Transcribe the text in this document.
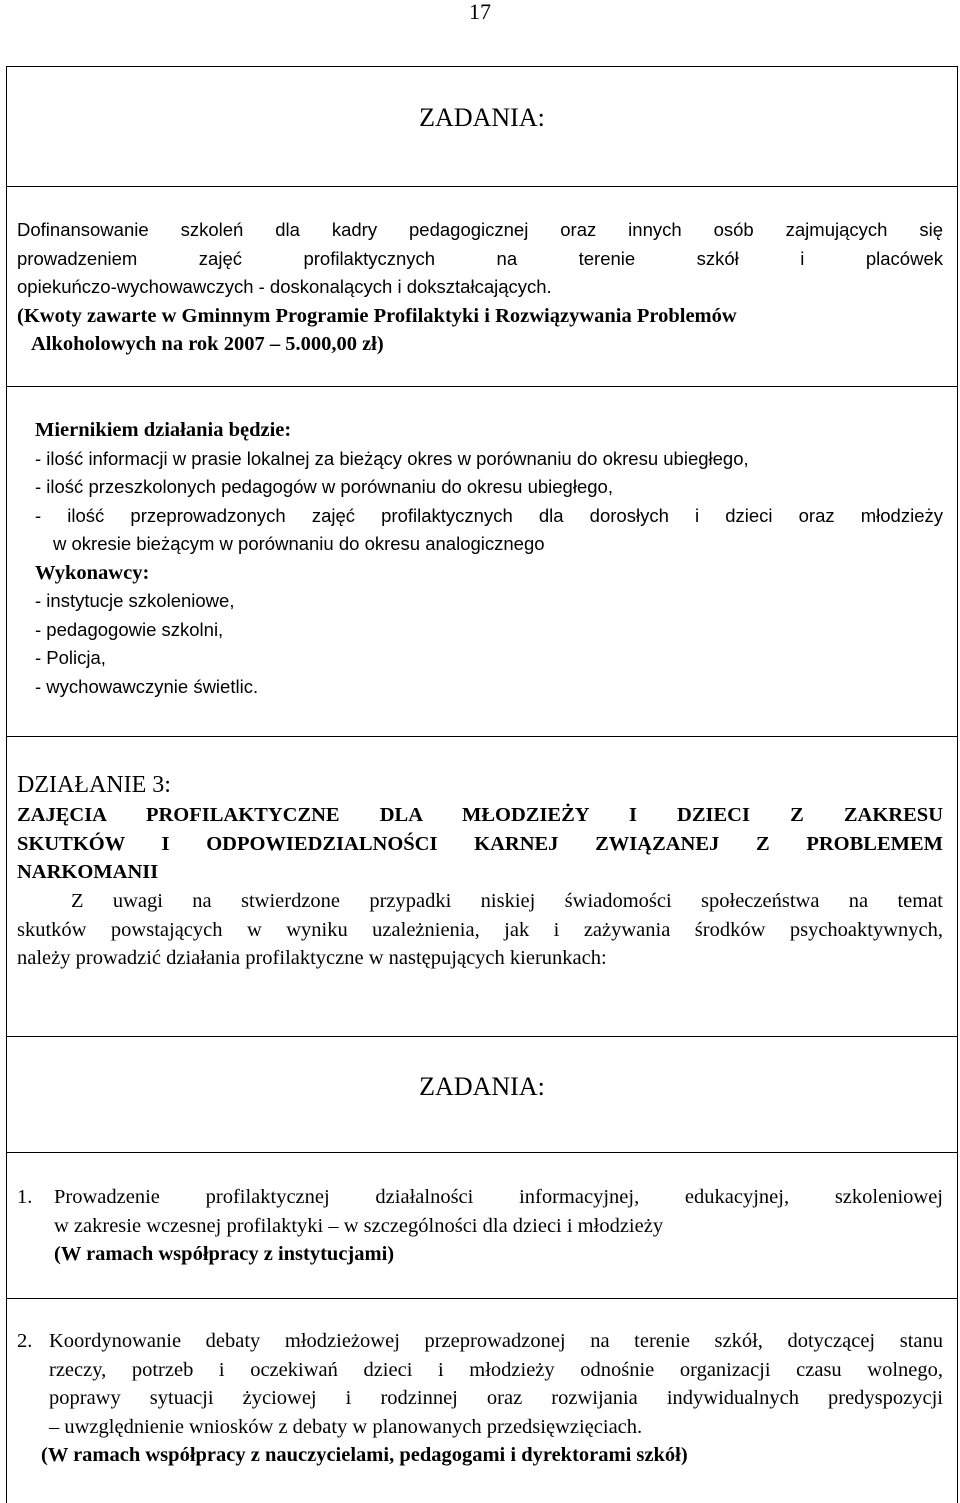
17
ZADANIA:
Dofinansowanie szkoleń dla kadry pedagogicznej oraz innych osób zajmujących się
prowadzeniem zajęć profilaktycznych na terenie szkół i placówek
opiekuńczo-wychowawczych - doskonalących i dokształcających.
(Kwoty zawarte w Gminnym Programie Profilaktyki i Rozwiązywania Problemów
Alkoholowych na rok 2007 – 5.000,00 zł)
Miernikiem działania będzie:
- ilość informacji w prasie lokalnej za bieżący okres w porównaniu do okresu ubiegłego,
- ilość przeszkolonych pedagogów w porównaniu do okresu ubiegłego,
- ilość przeprowadzonych zajęć profilaktycznych dla dorosłych i dzieci oraz młodzieży
w okresie bieżącym w porównaniu do okresu analogicznego
Wykonawcy:
- instytucje szkoleniowe,
- pedagogowie szkolni,
- Policja,
- wychowawczynie świetlic.
DZIAŁANIE 3:
ZAJĘCIA PROFILAKTYCZNE DLA MŁODZIEŻY I DZIECI Z ZAKRESU
SKUTKÓW I ODPOWIEDZIALNOŚCI KARNEJ ZWIĄZANEJ Z PROBLEMEM
NARKOMANII
Z uwagi na stwierdzone przypadki niskiej świadomości społeczeństwa na temat
skutków powstających w wyniku uzależnienia, jak i zażywania środków psychoaktywnych,
należy prowadzić działania profilaktyczne w następujących kierunkach:
ZADANIA:
1. Prowadzenie profilaktycznej działalności informacyjnej, edukacyjnej, szkoleniowej
w zakresie wczesnej profilaktyki – w szczególności dla dzieci i młodzieży
(W ramach współpracy z instytucjami)
2. Koordynowanie debaty młodzieżowej przeprowadzonej na terenie szkół, dotyczącej stanu
rzeczy, potrzeb i oczekiwań dzieci i młodzieży odnośnie organizacji czasu wolnego,
poprawy sytuacji życiowej i rodzinnej oraz rozwijania indywidualnych predyspozycji
– uwzględnienie wniosków z debaty w planowanych przedsięwzięciach.
(W ramach współpracy z nauczycielami, pedagogami i dyrektorami szkół)
